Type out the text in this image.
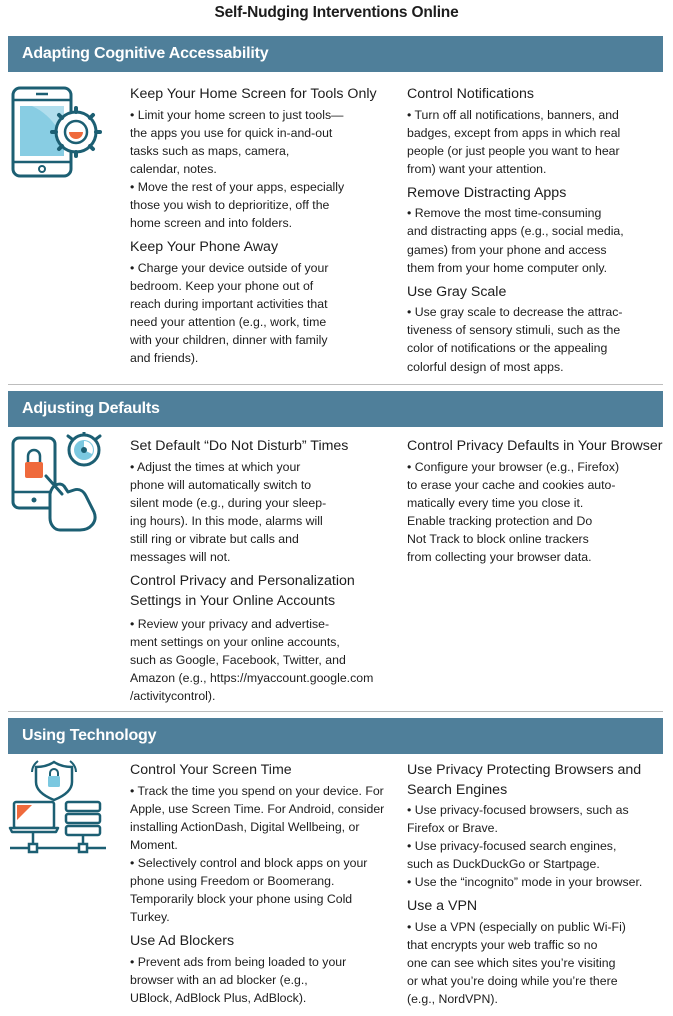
Self-Nudging Interventions Online
Adapting Cognitive Accessability
Keep Your Home Screen for Tools Only

• Limit your home screen to just tools—
the apps you use for quick in-and-out
tasks such as maps, camera,
calendar, notes.

• Move the rest of your apps, especially
those you wish to deprioritize, off the
home screen and into folders.

Keep Your Phone Away

• Charge your device outside of your
bedroom. Keep your phone out of
reach during important activities that
need your attention (e.g., work, time
with your children, dinner with family
and friends).

Control Notifications

• Turn off all notifications, banners, and
badges, except from apps in which real
people (or just people you want to hear
from) want your attention.

Remove Distracting Apps

• Remove the most time-consuming
and distracting apps (e.g., social media,
games) from your phone and access
them from your home computer only.

Use Gray Scale

• Use gray scale to decrease the attrac-
tiveness of sensory stimuli, such as the
color of notifications or the appealing
colorful design of most apps.

Adjusting Defaults
Set Default “Do Not Disturb” Times

• Adjust the times at which your
phone will automatically switch to
silent mode (e.g., during your sleep-
ing hours). In this mode, alarms will
still ring or vibrate but calls and
messages will not.

Control Privacy and Personalization
Settings in Your Online Accounts

• Review your privacy and advertise-
ment settings on your online accounts,
such as Google, Facebook, Twitter, and
Amazon (e.g., https://myaccount.google.com
/activitycontrol).

Control Privacy Defaults in Your Browser

• Configure your browser (e.g., Firefox)
to erase your cache and cookies auto-
matically every time you close it.
Enable tracking protection and Do
Not Track to block online trackers
from collecting your browser data.

Using Technology
Control Your Screen Time

• Track the time you spend on your device. For
Apple, use Screen Time. For Android, consider
installing ActionDash, Digital Wellbeing, or
Moment.

• Selectively control and block apps on your
phone using Freedom or Boomerang.
Temporarily block your phone using Cold
Turkey.

Use Ad Blockers

• Prevent ads from being loaded to your
browser with an ad blocker (e.g.,
UBlock, AdBlock Plus, AdBlock).

Use Privacy Protecting Browsers and
Search Engines

• Use privacy-focused browsers, such as
Firefox or Brave.

• Use privacy-focused search engines,
such as DuckDuckGo or Startpage.

• Use the “incognito” mode in your browser.

Use a VPN

• Use a VPN (especially on public Wi-Fi)
that encrypts your web traffic so no
one can see which sites you’re visiting
or what you’re doing while you’re there
(e.g., NordVPN).
